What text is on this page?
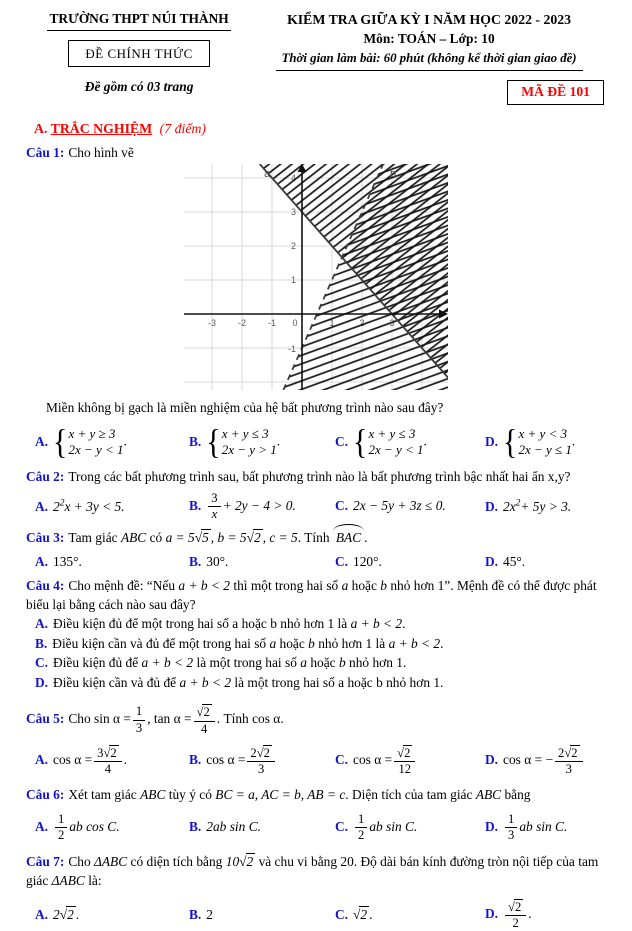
TRƯỜNG THPT NÚI THÀNH
ĐỀ CHÍNH THỨC
Đề gồm có 03 trang
KIỂM TRA GIỮA KỲ I NĂM HỌC 2022 - 2023
Môn: TOÁN – Lớp: 10
Thời gian làm bài: 60 phút (không kể thời gian giao đề)
MÃ ĐỀ 101
A. TRẮC NGHIỆM (7 điểm)
Câu 1: Cho hình vẽ
-3 -2 -1 0
3
2
1
-1
a	b
Miền không bị gạch là miền nghiệm của hệ bất phương trình nào sau đây?
A. { x + y ≥ 3
2x − y < 1
.	B. { x + y ≤ 3
2x − y > 1
.	C. { x + y ≤ 3
2x − y < 1
.	D. { x + y < 3
2x − y ≤ 1
.
Câu 2: Trong các bất phương trình sau, bất phương trình nào là bất phương trình bậc nhất hai ẩn x,y?
A. $2^2x + 3y < 5$.	B. $\frac{3}{x} + 2y - 4 > 0$.	C. 2x − 5y + 3z ≤ 0.	D. $2x^2+ 5y > 3$.
Câu 3: Tam giác ABC có a = 5√5 , b = 5√2 , c = 5. Tính BAC .
A. 135°.	B. 30°.	C. 120°.	D. 45°.
Câu 4: Cho mệnh đề: “Nếu a + b < 2 thì một trong hai số a hoặc b nhỏ hơn 1”. Mệnh đề có thể được phát biểu lại bằng cách nào sau đây?
A. Điều kiện đủ để một trong hai số a hoặc b nhỏ hơn 1 là a + b < 2.
B. Điều kiện cần và đủ để một trong hai số a hoặc b nhỏ hơn 1 là a + b < 2.
C. Điều kiện đủ để a + b < 2 là một trong hai số a hoặc b nhỏ hơn 1.
D. Điều kiện cần và đủ để a + b < 2 là một trong hai số a hoặc b nhỏ hơn 1.
Câu 5: Cho $\sin \alpha = \frac{1}{3}$ , $\tan \alpha = \frac{√2}{4}$ . Tính cos α.
A. $\cos \alpha = \frac{3√2}{4}$ .	B. $\cos \alpha = \frac{2√2}{3}$	C. $\cos \alpha = \frac{√2}{12}$	D. cos α = − $\frac{2√2}{3}$
Câu 6: Xét tam giác ABC tùy ý có BC = a, AC = b, AB = c. Diện tích của tam giác ABC bằng
A. $\frac{1}{2}$ ab cos C.	B. 2ab sin C.	C. $\frac{1}{2}$ ab sin C.	D. $\frac{1}{3}$ ab sin C.
Câu 7: Cho ΔABC có diện tích bằng 10√2 và chu vi bằng 20. Độ dài bán kính đường tròn nội tiếp của tam giác ΔABC là:
A. 2√2 .	B. 2	C. √2 .	D. $\frac{√2}{2}$ .
